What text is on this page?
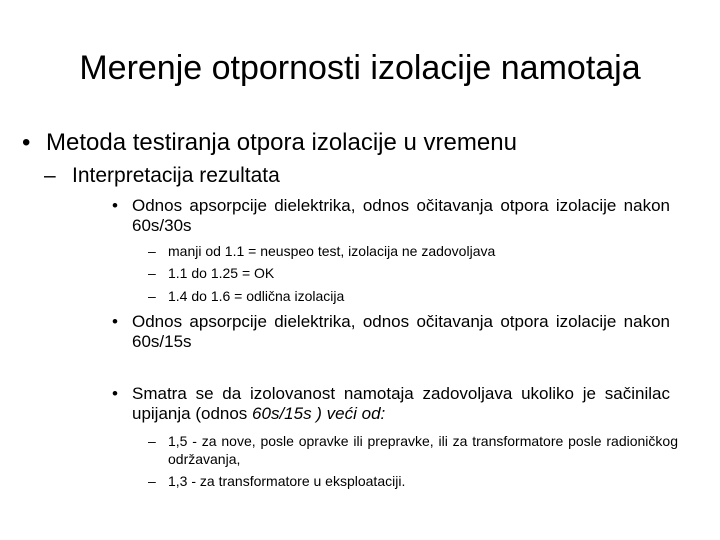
Merenje otpornosti izolacije namotaja
• Metoda testiranja otpora izolacije u vremenu
– Interpretacija rezultata
• Odnos apsorpcije dielektrika, odnos očitavanja otpora izolacije nakon 60s/30s
– manji od 1.1 = neuspeo test, izolacija ne zadovoljava
– 1.1 do 1.25 = OK
– 1.4 do 1.6 = odlična izolacija
• Odnos apsorpcije dielektrika, odnos očitavanja otpora izolacije nakon 60s/15s
• Smatra se da izolovanost namotaja zadovoljava ukoliko je sačinilac upijanja (odnos 60s/15s ) veći od:
– 1,5 - za nove, posle opravke ili prepravke, ili za transformatore posle radioničkog održavanja,
– 1,3 - za transformatore u eksploataciji.
